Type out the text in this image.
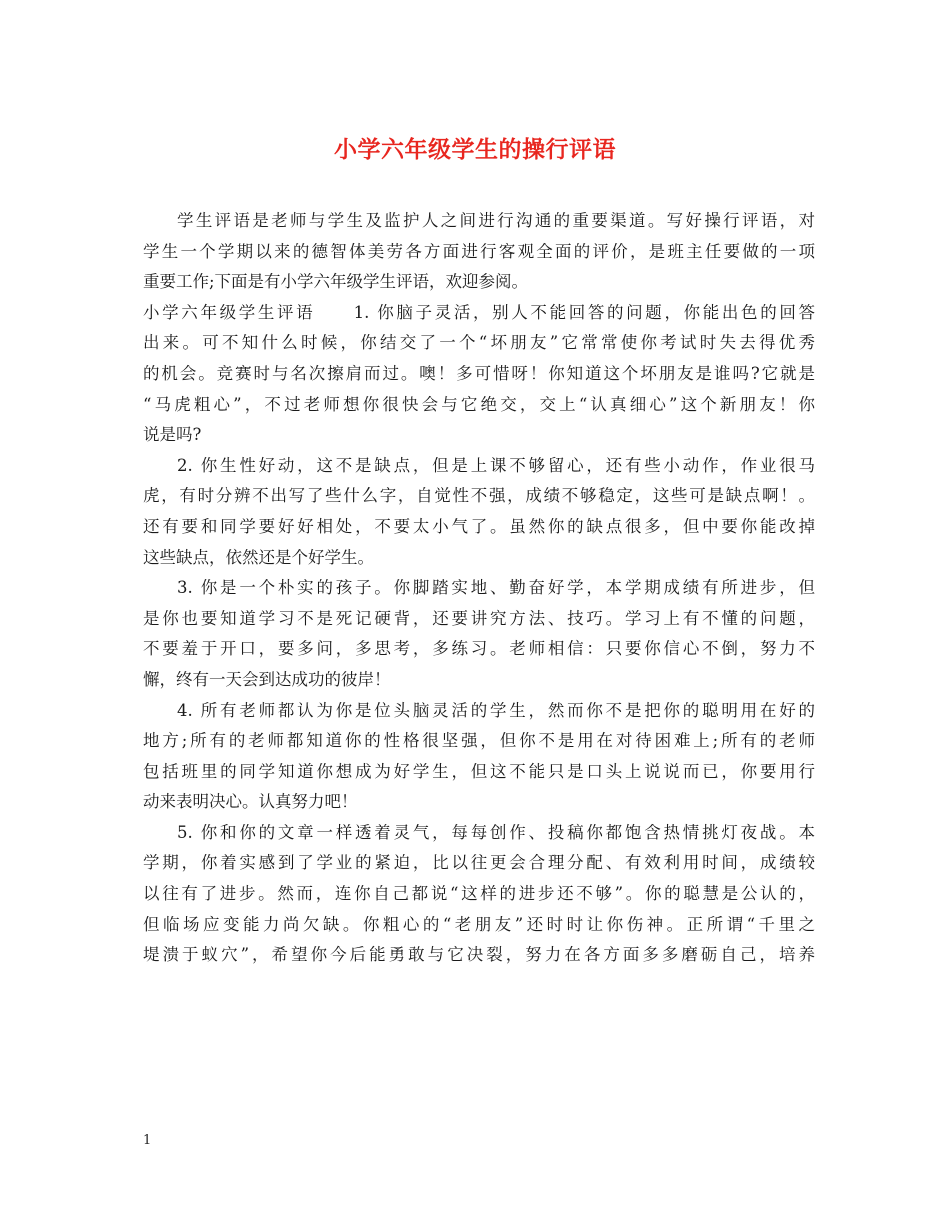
小学六年级学生的操行评语
学生评语是老师与学生及监护人之间进行沟通的重要渠道。写好操行评语，对
学生一个学期以来的德智体美劳各方面进行客观全面的评价，是班主任要做的一项
重要工作;下面是有小学六年级学生评语，欢迎参阅。
小学六年级学生评语　　1. 你脑子灵活，别人不能回答的问题，你能出色的回答
出来。可不知什么时候，你结交了一个“坏朋友”它常常使你考试时失去得优秀
的机会。竞赛时与名次擦肩而过。噢！多可惜呀！你知道这个坏朋友是谁吗?它就是
“马虎粗心”，不过老师想你很快会与它绝交，交上“认真细心”这个新朋友！你
说是吗?
2. 你生性好动，这不是缺点，但是上课不够留心，还有些小动作，作业很马
虎，有时分辨不出写了些什么字，自觉性不强，成绩不够稳定，这些可是缺点啊！。
还有要和同学要好好相处，不要太小气了。虽然你的缺点很多，但中要你能改掉
这些缺点，依然还是个好学生。
3. 你是一个朴实的孩子。你脚踏实地、勤奋好学，本学期成绩有所进步，但
是你也要知道学习不是死记硬背，还要讲究方法、技巧。学习上有不懂的问题，
不要羞于开口，要多问，多思考，多练习。老师相信：只要你信心不倒，努力不
懈，终有一天会到达成功的彼岸！
4. 所有老师都认为你是位头脑灵活的学生，然而你不是把你的聪明用在好的
地方;所有的老师都知道你的性格很坚强，但你不是用在对待困难上;所有的老师
包括班里的同学知道你想成为好学生，但这不能只是口头上说说而已，你要用行
动来表明决心。认真努力吧！
5. 你和你的文章一样透着灵气，每每创作、投稿你都饱含热情挑灯夜战。本
学期，你着实感到了学业的紧迫，比以往更会合理分配、有效利用时间，成绩较
以往有了进步。然而，连你自己都说“这样的进步还不够”。你的聪慧是公认的，
但临场应变能力尚欠缺。你粗心的“老朋友”还时时让你伤神。正所谓“千里之
堤溃于蚁穴”，希望你今后能勇敢与它决裂，努力在各方面多多磨砺自己，培养
1
